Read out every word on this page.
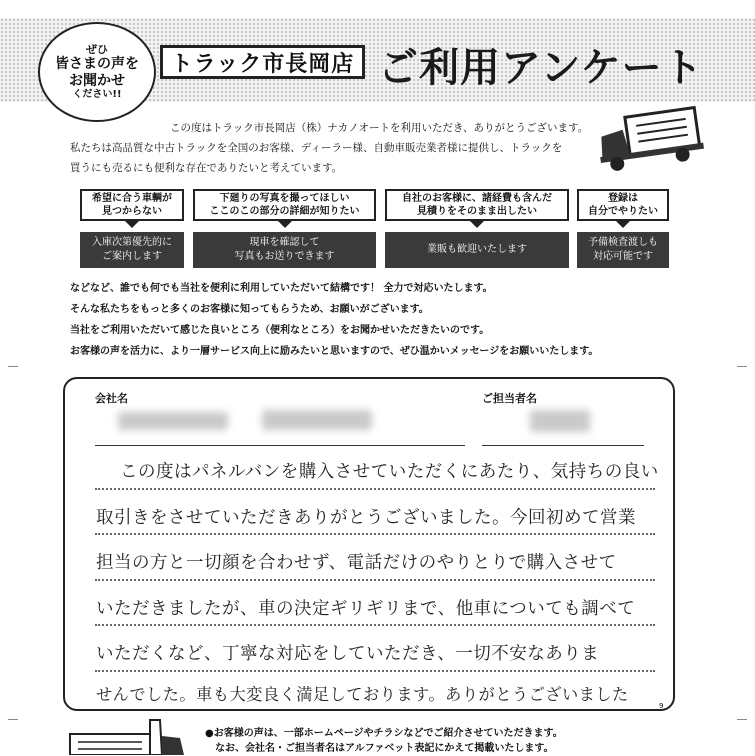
ぜひ
皆さまの声を
お聞かせ
ください!!
トラック市長岡店 ご利用アンケート

この度はトラック市長岡店（株）ナカノオートを利用いただき、ありがとうございます。

私たちは高品質な中古トラックを全国のお客様、ディーラー様、自動車販売業者様に提供し、トラックを

買うにも売るにも便利な存在でありたいと考えています。

希望に合う車輌が
見つからない
下廻りの写真を撮ってほしい
ここのこの部分の詳細が知りたい
自社のお客様に、諸経費も含んだ
見積りをそのまま出したい
登録は
自分でやりたい
入庫次第優先的に
ご案内します
現車を確認して
写真もお送りできます
業販も歓迎いたします
予備検査渡しも
対応可能です

などなど、誰でも何でも当社を便利に利用していただいて結構です！ 全力で対応いたします。

そんな私たちをもっと多くのお客様に知ってもらうため、お願いがございます。

当社をご利用いただいて感じた良いところ（便利なところ）をお聞かせいただきたいのです。

お客様の声を活力に、より一層サービス向上に励みたいと思いますので、ぜひ温かいメッセージをお願いいたします。

会社名	ご担当者名
この度はパネルバンを購入させていただくにあたり、気持ちの良い
取引きをさせていただきありがとうございました。今回初めて営業
担当の方と一切顔を合わせず、電話だけのやりとりで購入させて
いただきましたが、車の決定ギリギリまで、他車についても調べて
いただくなど、丁寧な対応をしていただき、一切不安なありま
せんでした。車も大変良く満足しております。ありがとうございました
9

●お客様の声は、一部ホームページやチラシなどでご紹介させていただきます。

なお、会社名・ご担当者名はアルファベット表記にかえて掲載いたします。
